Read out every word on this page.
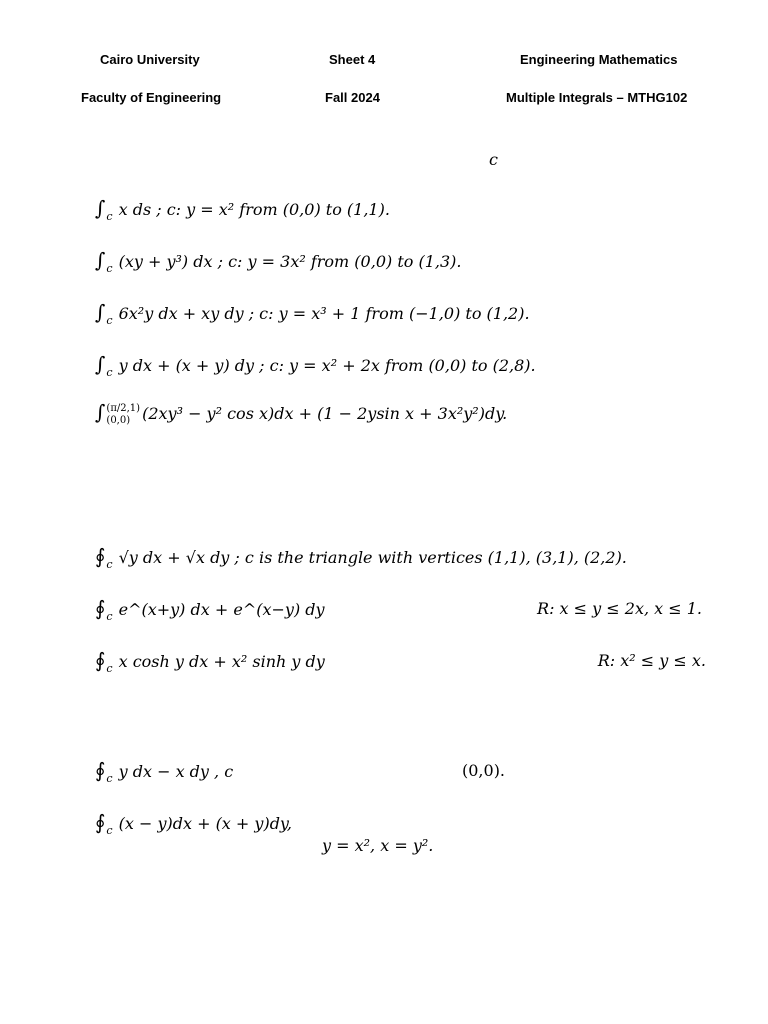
Cairo University	Sheet 4	Engineering Mathematics
Faculty of Engineering	Fall 2024	Multiple Integrals – MTHG102
c
$\int_c$ x ds ; c: y = x² from (0,0) to (1,1).
$\int_c$ (xy + y³) dx ; c: y = 3x² from (0,0) to (1,3).
$\int_c$ 6x²y dx + xy dy ; c: y = x³ + 1 from (−1,0) to (1,2).
$\int_c$ y dx + (x + y) dy ; c: y = x² + 2x from (0,0) to (2,8).
∫ (π/2,1)
(0,0) (2xy³ − y² cos x)dx + (1 − 2ysin x + 3x²y²)dy.
$∮_c$ √y dx + √x dy ; c is the triangle with vertices (1,1), (3,1), (2,2).
$∮_c$ e^(x+y) dx + e^(x−y) dy	R: x ≤ y ≤ 2x, x ≤ 1.
$∮_c$ x cosh y dx + x² sinh y dy	R: x² ≤ y ≤ x.
$∮_c$ y dx − x dy , c	(0,0).
$∮_c$ (x − y)dx + (x + y)dy,
y = x², x = y².
